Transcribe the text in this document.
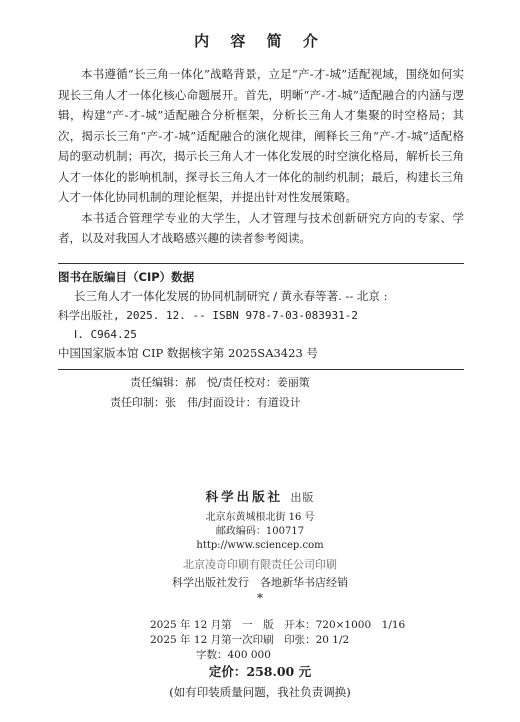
内 容 简 介

本书遵循“长三角一体化”战略背景，立足“产-才-城”适配视域，围绕如何实现长三角人才一体化核心命题展开。首先，明晰“产-才-城”适配融合的内涵与逻辑，构建“产-才-城”适配融合分析框架，分析长三角人才集聚的时空格局；其次，揭示长三角“产-才-城”适配融合的演化规律，阐释长三角“产-才-城”适配格局的驱动机制；再次，揭示长三角人才一体化发展的时空演化格局，解析长三角人才一体化的影响机制，探寻长三角人才一体化的制约机制；最后，构建长三角人才一体化协同机制的理论框架，并提出针对性发展策略。

本书适合管理学专业的大学生，人才管理与技术创新研究方向的专家、学者，以及对我国人才战略感兴趣的读者参考阅读。

图书在版编目（CIP）数据
长三角人才一体化发展的协同机制研究 / 黄永春等著. -- 北京 :
科学出版社, 2025. 12. -- ISBN 978-7-03-083931-2
Ⅰ. C964.25
中国国家版本馆 CIP 数据核字第 2025SA3423 号
责任编辑：郝　悦/责任校对：姜丽策
责任印制：张　伟/封面设计：有道设计
科学出版社 出版
北京东黄城根北街 16 号
邮政编码：100717
http://www.sciencep.com
北京凌奇印刷有限责任公司印刷
科学出版社发行　各地新华书店经销
*
2025 年 12 月第　一　版　开本：720×1000　1/16
2025 年 12 月第一次印刷　印张：20 1/2
字数：400 000
定价：258.00 元
(如有印装质量问题，我社负责调换)
